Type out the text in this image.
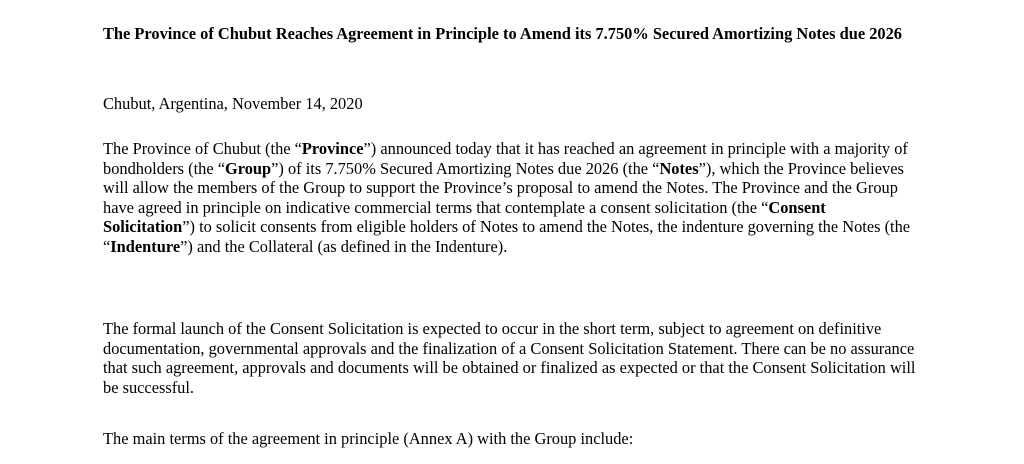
The Province of Chubut Reaches Agreement in Principle to Amend its 7.750% Secured Amortizing Notes due 2026

Chubut, Argentina, November 14, 2020

The Province of Chubut (the “Province”) announced today that it has reached an agreement in principle with a majority of bondholders (the “Group”) of its 7.750% Secured Amortizing Notes due 2026 (the “Notes”), which the Province believes will allow the members of the Group to support the Province’s proposal to amend the Notes. The Province and the Group have agreed in principle on indicative commercial terms that contemplate a consent solicitation (the “Consent Solicitation”) to solicit consents from eligible holders of Notes to amend the Notes, the indenture governing the Notes (the “Indenture”) and the Collateral (as defined in the Indenture).

The formal launch of the Consent Solicitation is expected to occur in the short term, subject to agreement on definitive documentation, governmental approvals and the finalization of a Consent Solicitation Statement. There can be no assurance that such agreement, approvals and documents will be obtained or finalized as expected or that the Consent Solicitation will be successful.

The main terms of the agreement in principle (Annex A) with the Group include:
